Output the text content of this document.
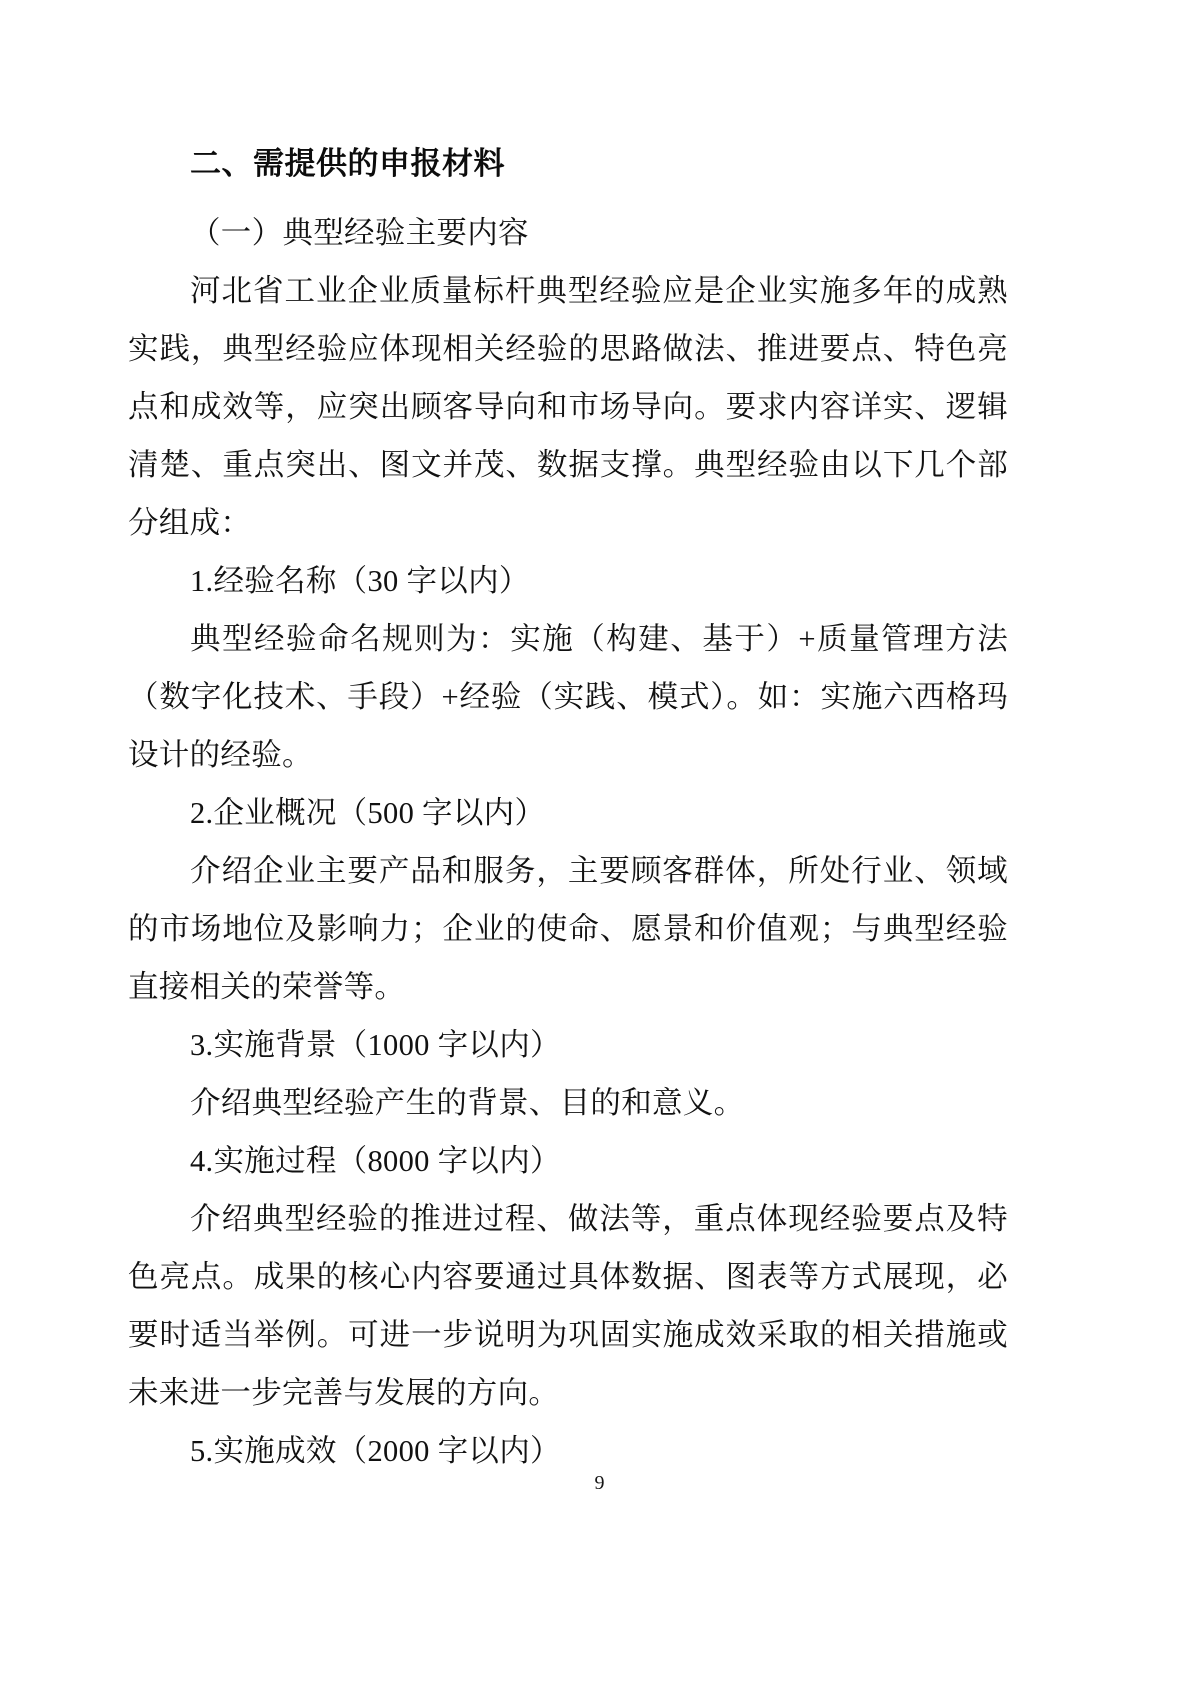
二、需提供的申报材料

（一）典型经验主要内容

河北省工业企业质量标杆典型经验应是企业实施多年的成熟实践，典型经验应体现相关经验的思路做法、推进要点、特色亮点和成效等，应突出顾客导向和市场导向。要求内容详实、逻辑清楚、重点突出、图文并茂、数据支撑。典型经验由以下几个部分组成：

1.经验名称（30 字以内）

典型经验命名规则为：实施（构建、基于）+质量管理方法（数字化技术、手段）+经验（实践、模式）。如：实施六西格玛设计的经验。

2.企业概况（500 字以内）

介绍企业主要产品和服务，主要顾客群体，所处行业、领域的市场地位及影响力；企业的使命、愿景和价值观；与典型经验直接相关的荣誉等。

3.实施背景（1000 字以内）

介绍典型经验产生的背景、目的和意义。

4.实施过程（8000 字以内）

介绍典型经验的推进过程、做法等，重点体现经验要点及特色亮点。成果的核心内容要通过具体数据、图表等方式展现，必要时适当举例。可进一步说明为巩固实施成效采取的相关措施或未来进一步完善与发展的方向。

5.实施成效（2000 字以内）

9
